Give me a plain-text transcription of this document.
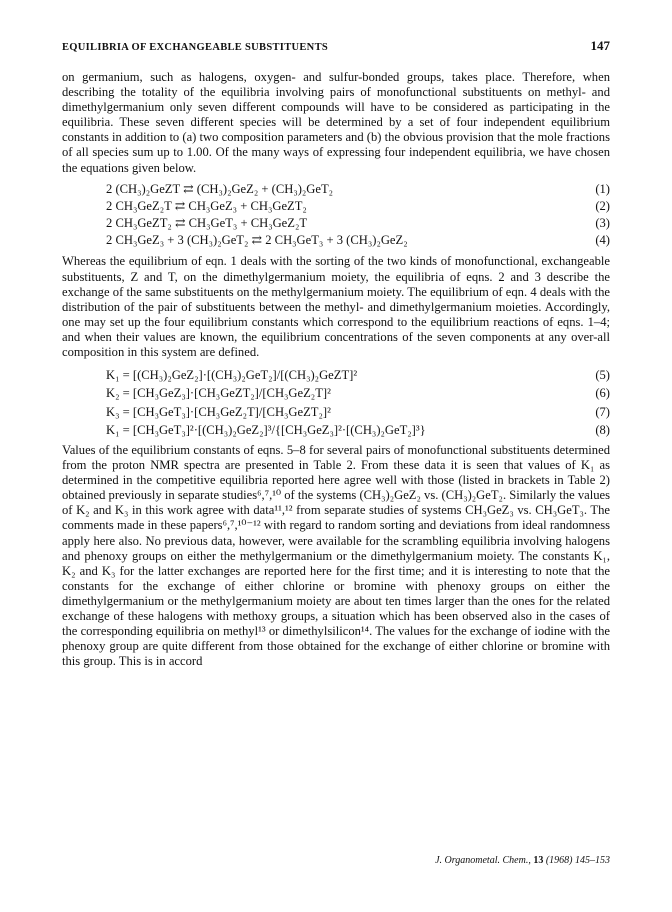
EQUILIBRIA OF EXCHANGEABLE SUBSTITUENTS	147

on germanium, such as halogens, oxygen- and sulfur-bonded groups, takes place. Therefore, when describing the totality of the equilibria involving pairs of monofunctional substituents on methyl- and dimethylgermanium only seven different compounds will have to be considered as participating in the equilibria. These seven different species will be determined by a set of four independent equilibrium constants in addition to (a) two composition parameters and (b) the obvious provision that the mole fractions of all species sum up to 1.00. Of the many ways of expressing four independent equilibria, we have chosen the equations given below.

2 (CH₃)₂GeZT ⇄ (CH₃)₂GeZ₂ + (CH₃)₂GeT₂	(1)
2 CH₃GeZ₂T ⇄ CH₃GeZ₃ + CH₃GeZT₂	(2)
2 CH₃GeZT₂ ⇄ CH₃GeT₃ + CH₃GeZ₂T	(3)
2 CH₃GeZ₃ + 3 (CH₃)₂GeT₂ ⇄ 2 CH₃GeT₃ + 3 (CH₃)₂GeZ₂	(4)

Whereas the equilibrium of eqn. 1 deals with the sorting of the two kinds of monofunctional, exchangeable substituents, Z and T, on the dimethylgermanium moiety, the equilibria of eqns. 2 and 3 describe the exchange of the same substituents on the methylgermanium moiety. The equilibrium of eqn. 4 deals with the distribution of the pair of substituents between the methyl- and dimethylgermanium moieties. Accordingly, one may set up the four equilibrium constants which correspond to the equilibrium reactions of eqns. 1–4; and when their values are known, the equilibrium concentrations of the seven components at any over-all composition in this system are defined.

K₁ = [(CH₃)₂GeZ₂]·[(CH₃)₂GeT₂]/[(CH₃)₂GeZT]²	(5)
K₂ = [CH₃GeZ₃]·[CH₃GeZT₂]/[CH₃GeZ₂T]²	(6)
K₃ = [CH₃GeT₃]·[CH₃GeZ₂T]/[CH₃GeZT₂]²	(7)
K₁ = [CH₃GeT₃]²·[(CH₃)₂GeZ₂]³/{[CH₃GeZ₃]²·[(CH₃)₂GeT₂]³}	(8)

Values of the equilibrium constants of eqns. 5–8 for several pairs of monofunctional substituents determined from the proton NMR spectra are presented in Table 2. From these data it is seen that values of K₁ as determined in the competitive equilibria reported here agree well with those (listed in brackets in Table 2) obtained previously in separate studies⁶,⁷,¹⁰ of the systems (CH₃)₂GeZ₂ vs. (CH₃)₂GeT₂. Similarly the values of K₂ and K₃ in this work agree with data¹¹,¹² from separate studies of systems CH₃GeZ₃ vs. CH₃GeT₃. The comments made in these papers⁶,⁷,¹⁰⁻¹² with regard to random sorting and deviations from ideal randomness apply here also. No previous data, however, were available for the scrambling equilibria involving halogens and phenoxy groups on either the methylgermanium or the dimethylgermanium moiety. The constants K₁, K₂ and K₃ for the latter exchanges are reported here for the first time; and it is interesting to note that the constants for the exchange of either chlorine or bromine with phenoxy groups on either the dimethylgermanium or the methylgermanium moiety are about ten times larger than the ones for the related exchange of these halogens with methoxy groups, a situation which has been observed also in the cases of the corresponding equilibria on methyl¹³ or dimethylsilicon¹⁴. The values for the exchange of iodine with the phenoxy group are quite different from those obtained for the exchange of either chlorine or bromine with this group. This is in accord

J. Organometal. Chem., 13 (1968) 145–153
